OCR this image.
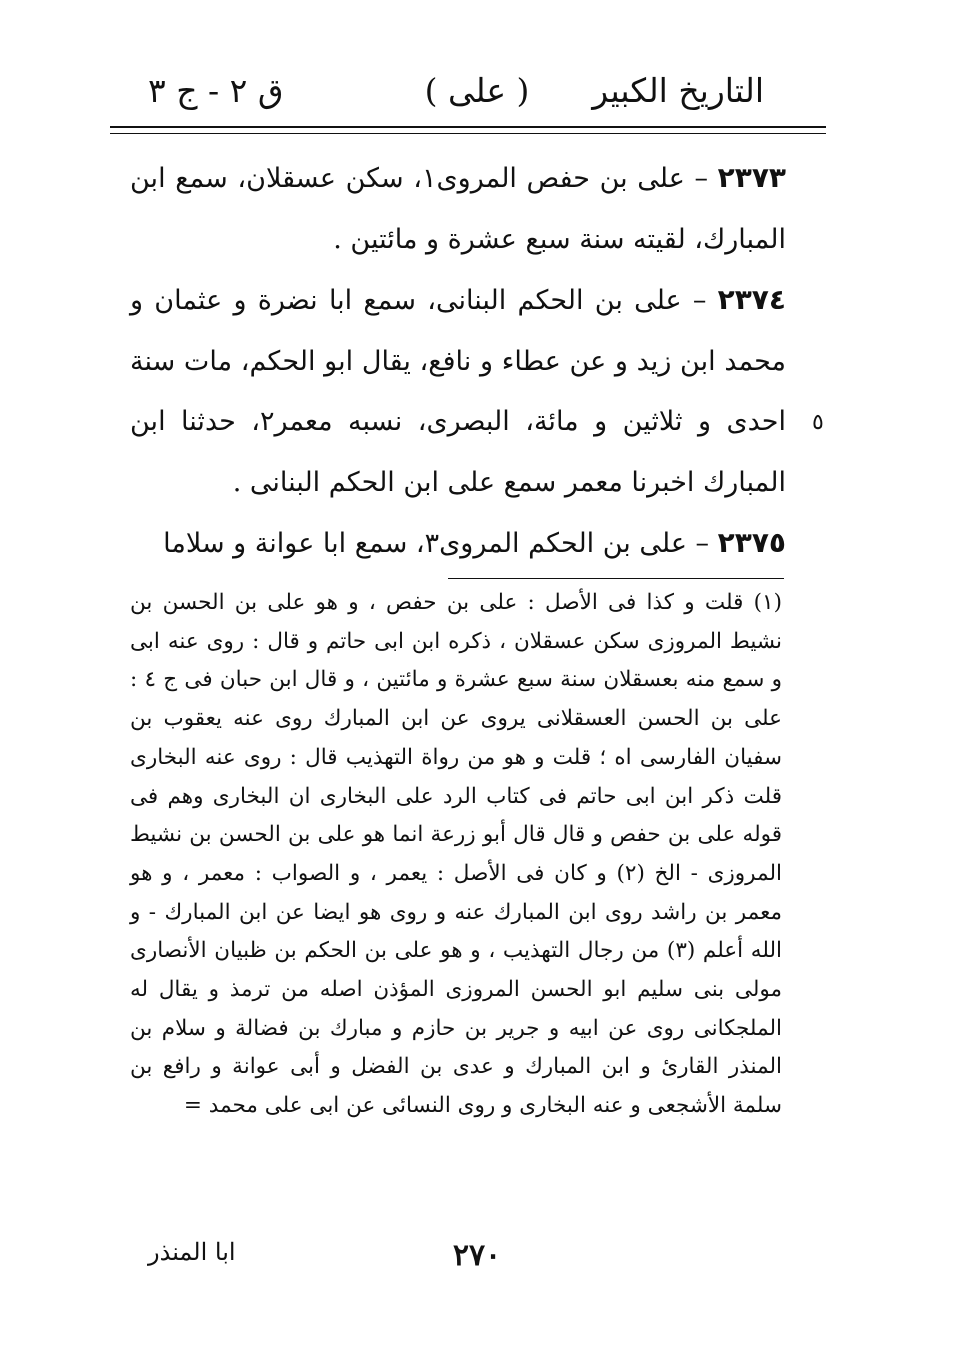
التاريخ الكبير
( على )
ق ٢ - ج ٣

٢٣٧٣ – على بن حفص المروى١، سكن عسقلان، سمع ابن المبارك، لقيته سنة سبع عشرة و مائتين .

٢٣٧٤ – على بن الحكم البنانى، سمع ابا نضرة و عثمان و محمد ابن زيد و عن عطاء و نافع، يقال ابو الحكم، مات سنة احدى و ثلاثين و مائة، البصرى، نسبه معمر٢، حدثنا ابن المبارك اخبرنا معمر سمع على ابن الحكم البنانى .

٢٣٧٥ – على بن الحكم المروى٣، سمع ابا عوانة و سلاما

٥

(١) قلت و كذا فى الأصل : على بن حفص ، و هو على بن الحسن بن نشيط المروزى سكن عسقلان ، ذكره ابن ابى حاتم و قال : روى عنه ابى و سمع منه بعسقلان سنة سبع عشرة و مائتين ، و قال ابن حبان فى ج ٤ : على بن الحسن العسقلانى يروى عن ابن المبارك روى عنه يعقوب بن سفيان الفارسى اه ؛ قلت و هو من رواة التهذيب قال : روى عنه البخارى قلت ذكر ابن ابى حاتم فى كتاب الرد على البخارى ان البخارى وهم فى قوله على بن حفص و قال قال أبو زرعة انما هو على بن الحسن بن نشيط المروزى - الخ (٢) و كان فى الأصل : يعمر ، و الصواب : معمر ، و هو معمر بن راشد روى ابن المبارك عنه و روى هو ايضا عن ابن المبارك - و الله أعلم (٣) من رجال التهذيب ، و هو على بن الحكم بن ظبيان الأنصارى مولى بنى سليم ابو الحسن المروزى المؤذن اصله من ترمذ و يقال له الملجكانى روى عن ابيه و جرير بن حازم و مبارك بن فضالة و سلام بن المنذر القارئ و ابن المبارك و عدى بن الفضل و أبى عوانة و رافع بن سلمة الأشجعى و عنه البخارى و روى النسائى عن ابى على محمد =

ابا المنذر	٢٧٠
